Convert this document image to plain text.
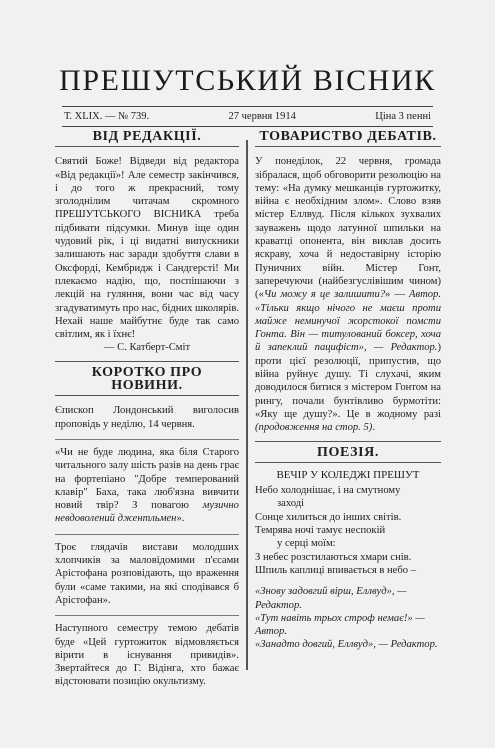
ПРЕШУТСЬКИЙ ВІСНИК
Т. XLIX. — № 739.	27 червня 1914	Ціна 3 пенні
ВІД РЕДАКЦІЇ.

Святий Боже! Відведи від редактора «Від редакції»! Але семестр закінчився, і до того ж прекрасний, тому зголоднілим читачам скромного ПРЕШУТСЬКОГО ВІСНИКА треба підбивати підсумки. Минув іще один чудовий рік, і ці видатні випускники залишають нас заради здобуття слави в Оксфорді, Кембридж і Сандгерсті! Ми плекаємо надію, що, поспішаючи з лекцій на гуляння, вони час від часу згадуватимуть про нас, бідних школярів. Нехай наше майбутнє буде так само світлим, як і їхнє!

— С. Катберт-Сміт
КОРОТКО ПРО НОВИНИ.

Єпископ Лондонський виголосив проповідь у неділю, 14 червня.

«Чи не буде людина, яка біля Старого читального залу шість разів на день грає на фортепіано "Добре темперований клавір" Баха, така люб'язна вивчити новий твір? З повагою музично невдоволений джентльмен».

Троє глядачів вистави молодших хлопчиків за маловідомими п'єсами Арістофана розповідають, що враження були «саме такими, на які сподівався б Арістофан».

Наступного семестру темою дебатів буде «Цей гуртожиток відмовляється вірити в існування привидів». Звертайтеся до Г. Відінга, хто бажає відстоювати позицію окультизму.

ТОВАРИСТВО ДЕБАТІВ.

У понеділок, 22 червня, громада зібралася, щоб обговорити резолюцію на тему: «На думку мешканців гуртожитку, війна є необхідним злом». Слово взяв містер Еллвуд. Після кількох зухвалих зауважень щодо латунної шпильки на краватці опонента, він виклав досить яскраву, хоча й недоставірну історію Пуничних війн. Містер Гонт, заперечуючи (найбезгуслівішим чином) («Чи можу я це залишити?» — Автор. «Тільки якщо нічого не маєш проти майже неминучої жорстокої помсти Гонта. Він — титулований боксер, хоча й запеклий пацифіст», — Редактор.) проти цієї резолюції, припустив, що війна руйнує душу. Ті слухачі, яким доводилося битися з містером Гонтом на рингу, почали бунтівливо бурмотіти: «Яку ще душу?». Це в жодному разі (продовження на стор. 5).

ПОЕЗІЯ.
ВЕЧІР У КОЛЕДЖІ ПРЕШУТ
Небо холоднішає, і на смутному
заході
Сонце хилиться до інших світів.
Темрява ночі тамує неспокій
у серці моїм:
З небес розстилаються хмари снів.
Шпиль каплиці впивається в небо –

«Знову задовгий вірш, Еллвуд», — Редактор.

«Тут навіть трьох строф немає!» — Автор.

«Занадто довгий, Еллвуд», — Редактор.
